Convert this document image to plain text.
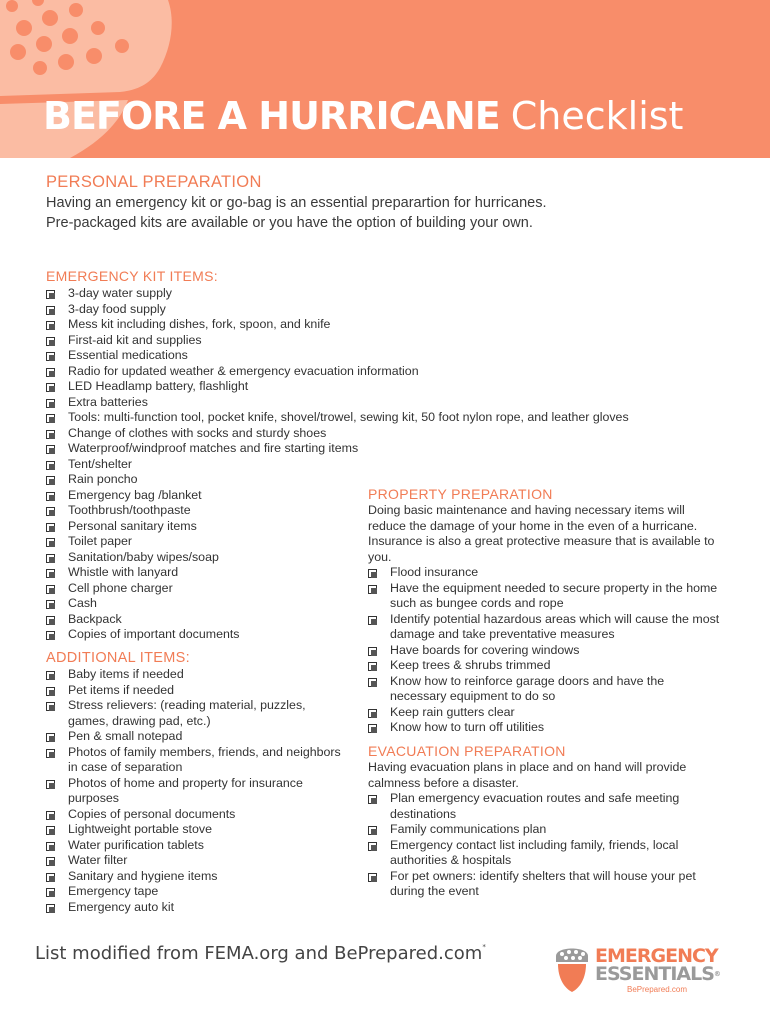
BEFORE A HURRICANE Checklist
PERSONAL PREPARATION

Having an emergency kit or go-bag is an essential preparartion for hurricanes.

Pre-packaged kits are available or you have the option of building your own.

EMERGENCY KIT ITEMS:
3-day water supply
3-day food supply
Mess kit including dishes, fork, spoon, and knife
First-aid kit and supplies
Essential medications
Radio for updated weather & emergency evacuation information
LED Headlamp battery, flashlight
Extra batteries
Tools: multi-function tool, pocket knife, shovel/trowel, sewing kit, 50 foot nylon rope, and leather gloves
Change of clothes with socks and sturdy shoes
Waterproof/windproof matches and fire starting items
Tent/shelter
Rain poncho
Emergency bag /blanket
Toothbrush/toothpaste
Personal sanitary items
Toilet paper
Sanitation/baby wipes/soap
Whistle with lanyard
Cell phone charger
Cash
Backpack
Copies of important documents
ADDITIONAL ITEMS:
Baby items if needed
Pet items if needed
Stress relievers: (reading material, puzzles, games, drawing pad, etc.)
Pen & small notepad
Photos of family members, friends, and neighbors in case of separation
Photos of home and property for insurance purposes
Copies of personal documents
Lightweight portable stove
Water purification tablets
Water filter
Sanitary and hygiene items
Emergency tape
Emergency auto kit
PROPERTY PREPARATION
Doing basic maintenance and having necessary items will reduce the damage of your home in the even of a hurricane. Insurance is also a great protective measure that is available to you.
Flood insurance
Have the equipment needed to secure property in the home such as bungee cords and rope
Identify potential hazardous areas which will cause the most damage and take preventative measures
Have boards for covering windows
Keep trees & shrubs trimmed
Know how to reinforce garage doors and have the necessary equipment to do so
Keep rain gutters clear
Know how to turn off utilities
EVACUATION PREPARATION
Having evacuation plans in place and on hand will provide calmness before a disaster.
Plan emergency evacuation routes and safe meeting destinations
Family communications plan
Emergency contact list including family, friends, local authorities & hospitals
For pet owners: identify shelters that will house your pet during the event
List modified from FEMA.org and BePrepared.com*	EMERGENCY
ESSENTIALS®
BePrepared.com
